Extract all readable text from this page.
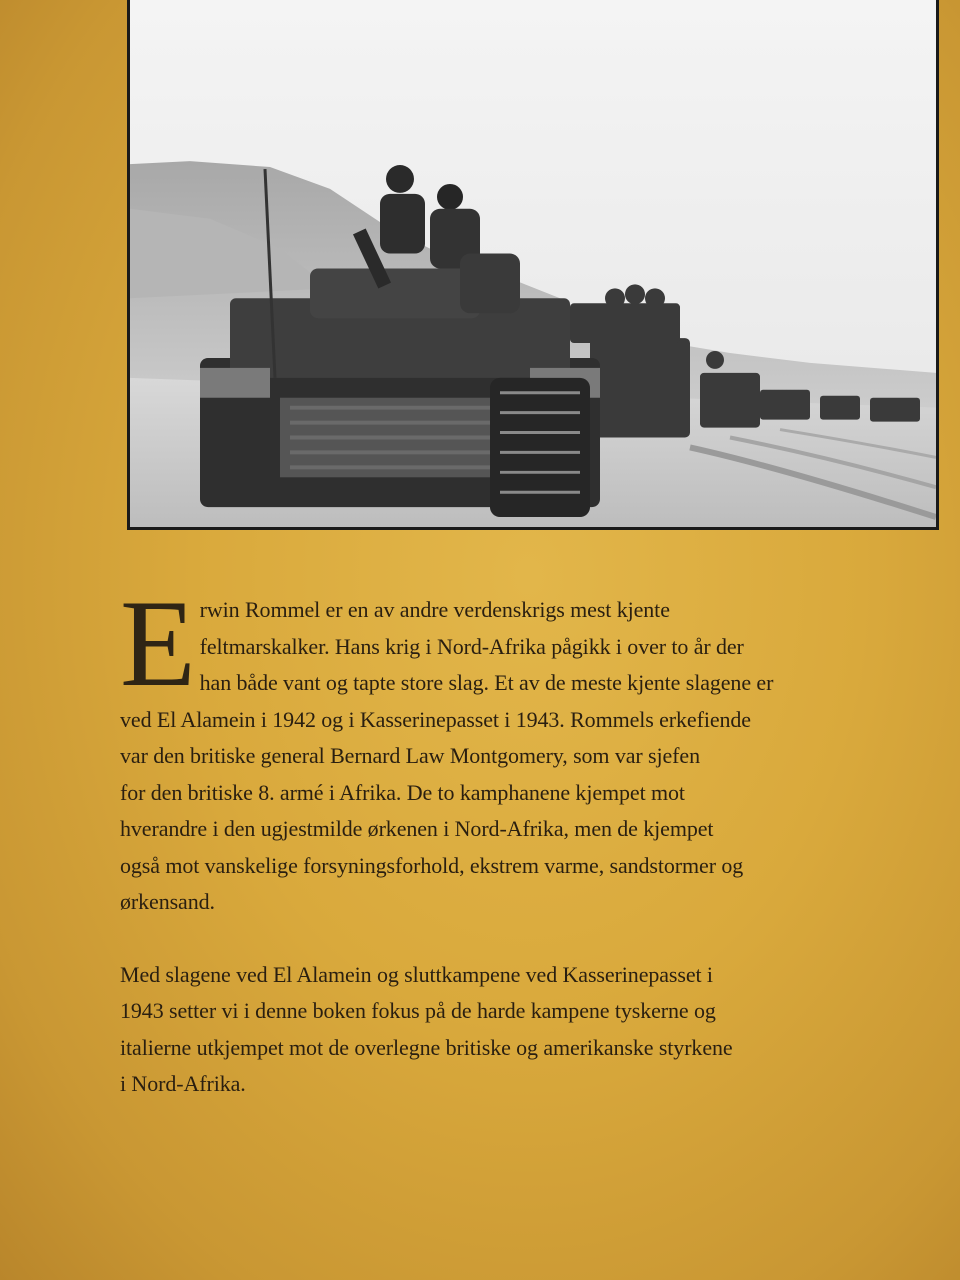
E rwin Rommel er en av andre verdenskrigs mest kjente
feltmarskalker. Hans krig i Nord-Afrika pågikk i over to år der
han både vant og tapte store slag. Et av de meste kjente slagene er
ved El Alamein i 1942 og i Kasserinepasset i 1943. Rommels erkefiende
var den britiske general Bernard Law Montgomery, som var sjefen
for den britiske 8. armé i Afrika. De to kamphanene kjempet mot
hverandre i den ugjestmilde ørkenen i Nord-Afrika, men de kjempet
også mot vanskelige forsyningsforhold, ekstrem varme, sandstormer og
ørkensand.
Med slagene ved El Alamein og sluttkampene ved Kasserinepasset i
1943 setter vi i denne boken fokus på de harde kampene tyskerne og
italierne utkjempet mot de overlegne britiske og amerikanske styrkene
i Nord-Afrika.
